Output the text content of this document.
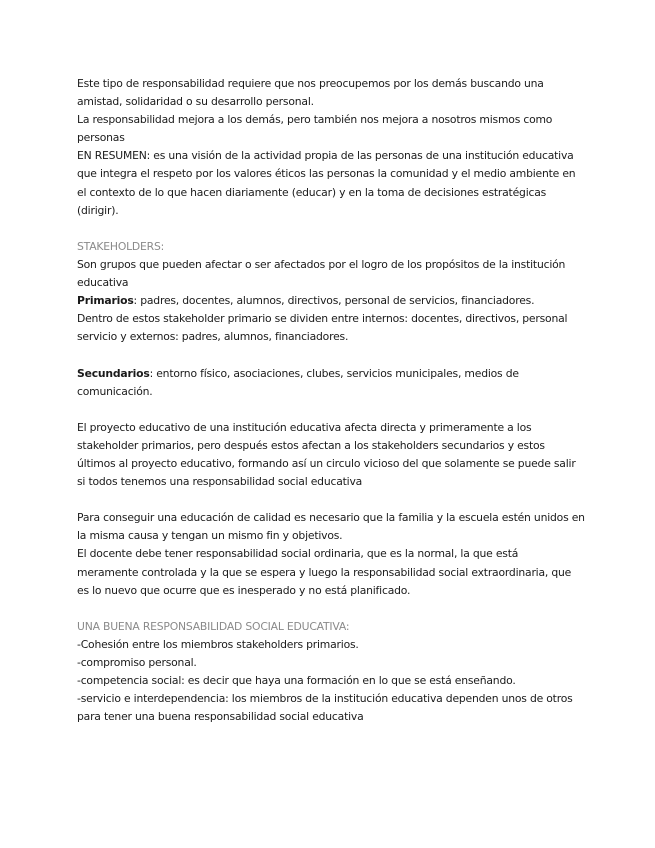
Este tipo de responsabilidad requiere que nos preocupemos por los demás buscando una
amistad, solidaridad o su desarrollo personal.
La responsabilidad mejora a los demás, pero también nos mejora a nosotros mismos como
personas
EN RESUMEN: es una visión de la actividad propia de las personas de una institución educativa
que integra el respeto por los valores éticos las personas la comunidad y el medio ambiente en
el contexto de lo que hacen diariamente (educar) y en la toma de decisiones estratégicas
(dirigir).
STAKEHOLDERS:
Son grupos que pueden afectar o ser afectados por el logro de los propósitos de la institución
educativa
Primarios: padres, docentes, alumnos, directivos, personal de servicios, financiadores.
Dentro de estos stakeholder primario se dividen entre internos: docentes, directivos, personal
servicio y externos: padres, alumnos, financiadores.
Secundarios: entorno físico, asociaciones, clubes, servicios municipales, medios de
comunicación.
El proyecto educativo de una institución educativa afecta directa y primeramente a los
stakeholder primarios, pero después estos afectan a los stakeholders secundarios y estos
últimos al proyecto educativo, formando así un circulo vicioso del que solamente se puede salir
si todos tenemos una responsabilidad social educativa
Para conseguir una educación de calidad es necesario que la familia y la escuela estén unidos en
la misma causa y tengan un mismo fin y objetivos.
El docente debe tener responsabilidad social ordinaria, que es la normal, la que está
meramente controlada y la que se espera y luego la responsabilidad social extraordinaria, que
es lo nuevo que ocurre que es inesperado y no está planificado.
UNA BUENA RESPONSABILIDAD SOCIAL EDUCATIVA:
-Cohesión entre los miembros stakeholders primarios.
-compromiso personal.
-competencia social: es decir que haya una formación en lo que se está enseñando.
-servicio e interdependencia: los miembros de la institución educativa dependen unos de otros
para tener una buena responsabilidad social educativa
